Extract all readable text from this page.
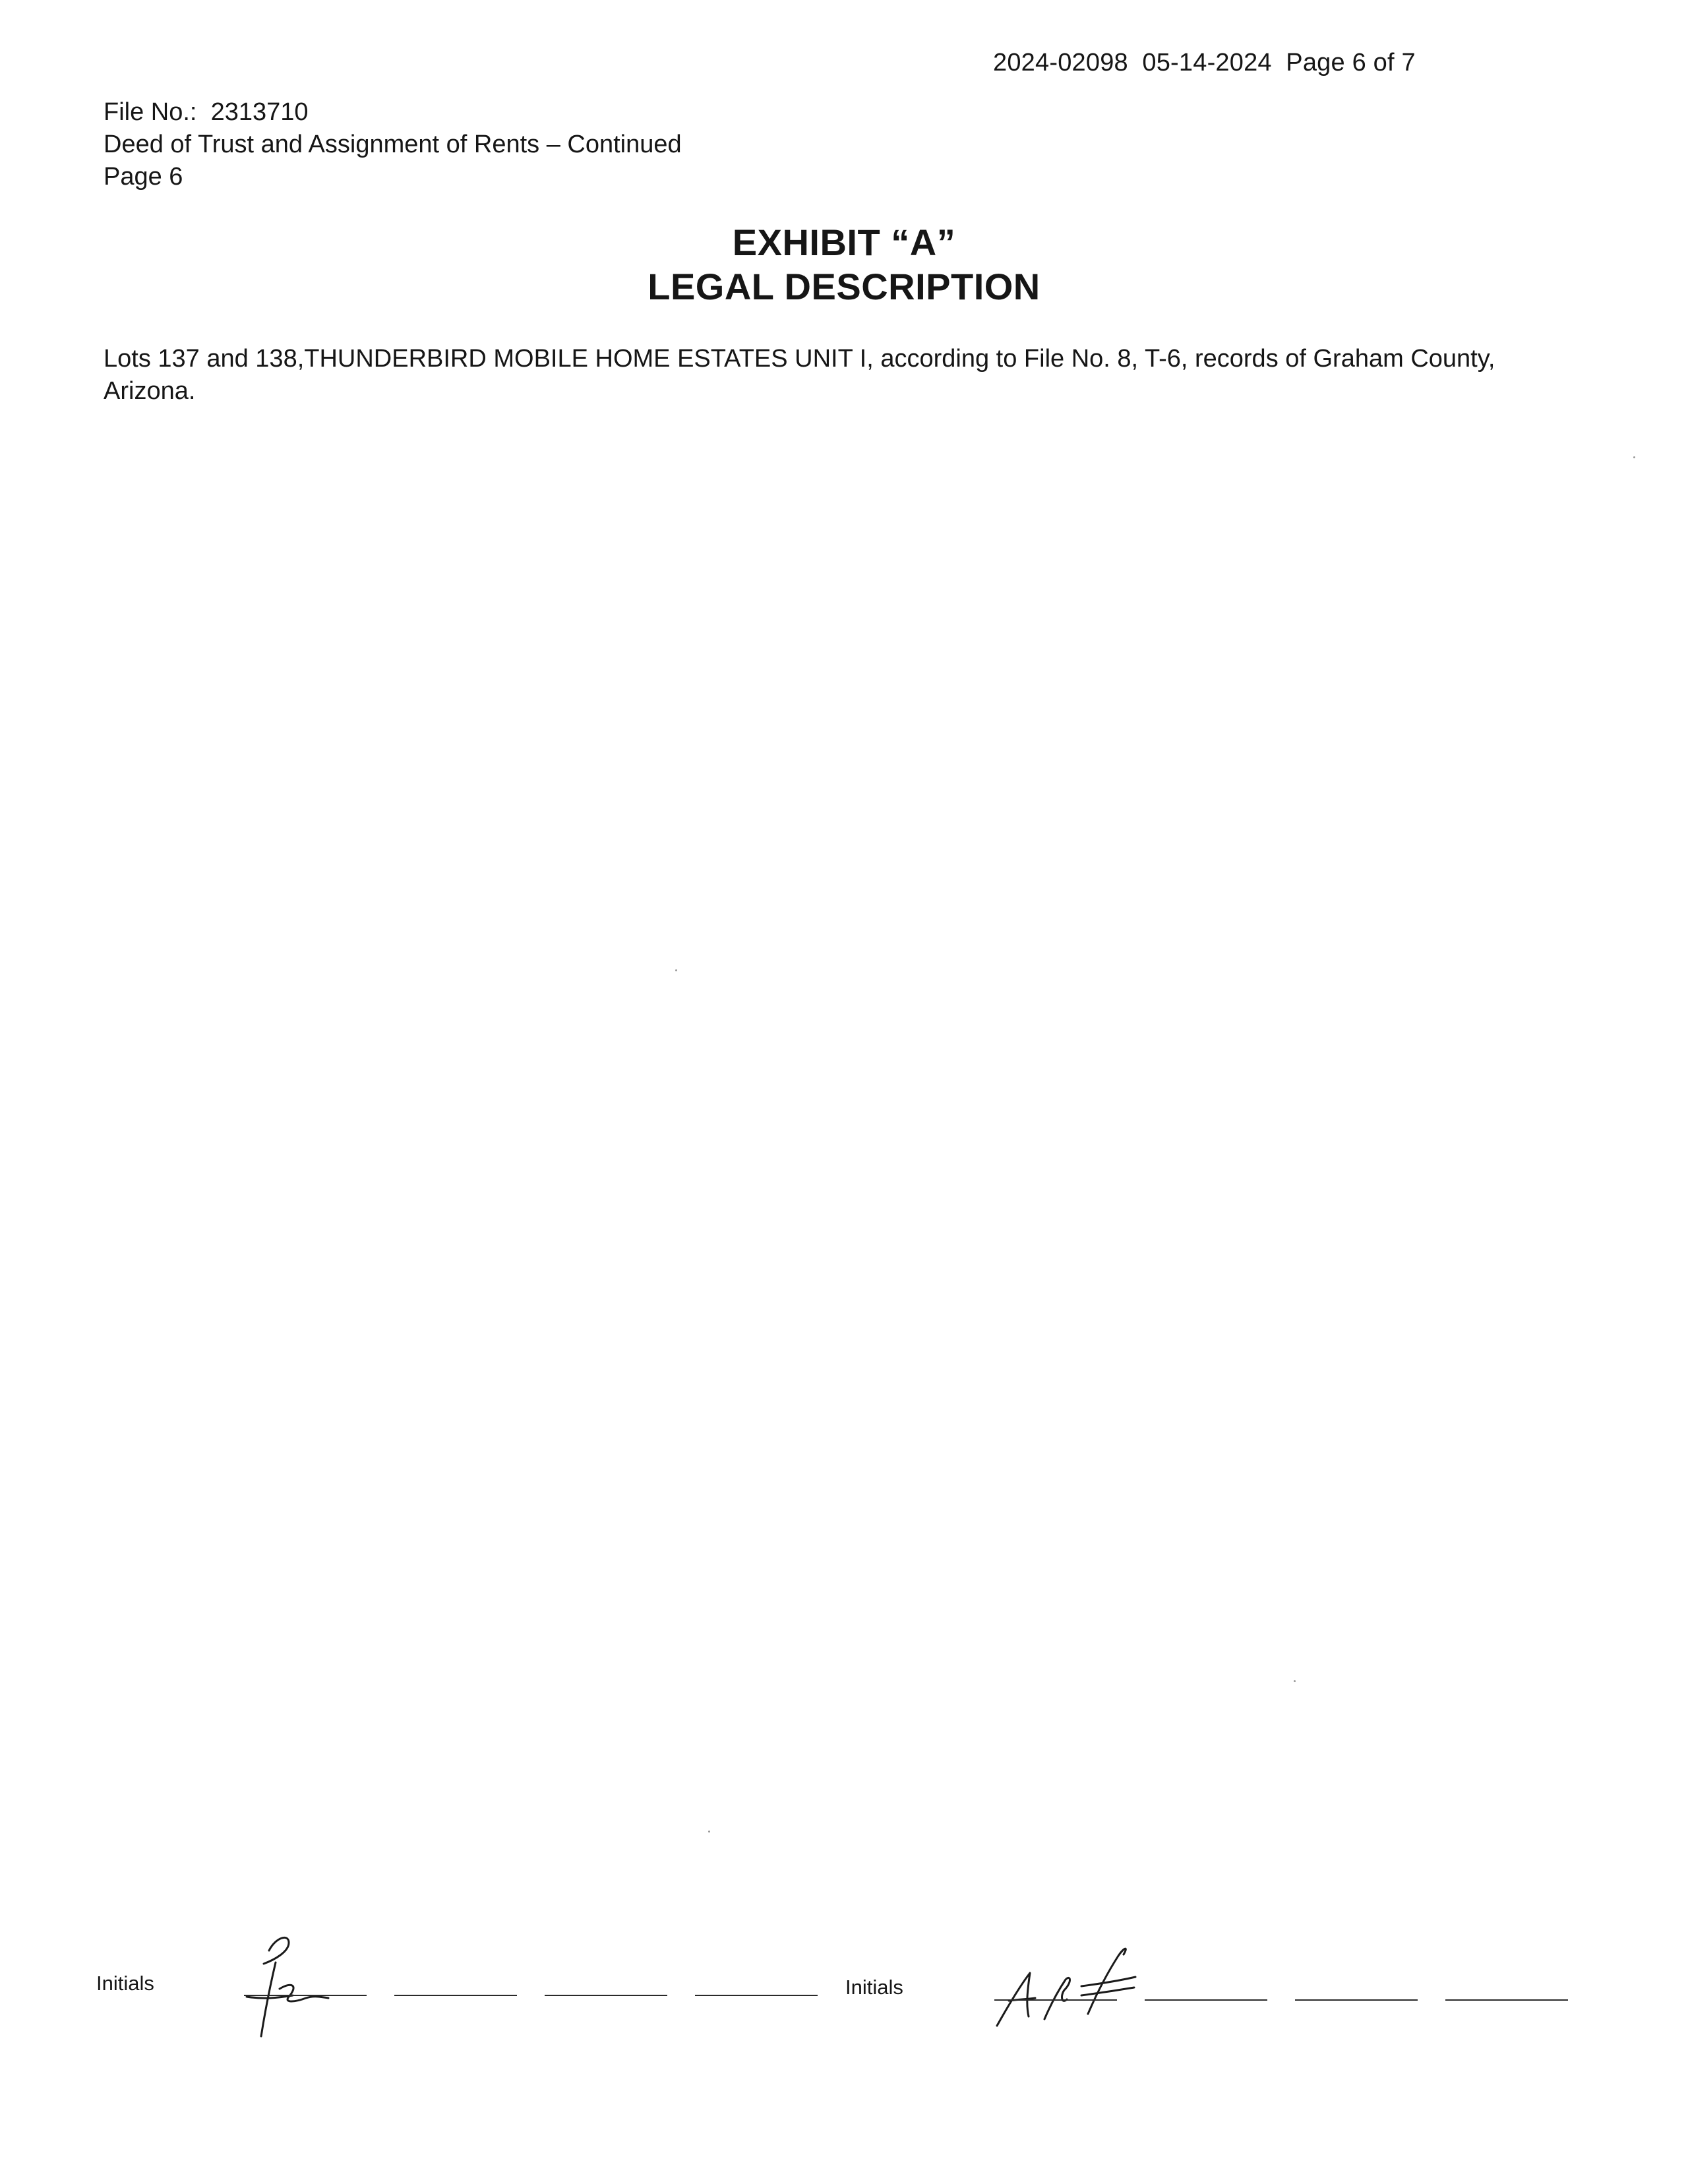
2024-02098  05-14-2024  Page 6 of 7
File No.:  2313710
Deed of Trust and Assignment of Rents – Continued
Page 6
EXHIBIT “A”
LEGAL DESCRIPTION
Lots 137 and 138,THUNDERBIRD MOBILE HOME ESTATES UNIT I, according to File No. 8, T-6, records of Graham County, Arizona.
Initials	Initials
